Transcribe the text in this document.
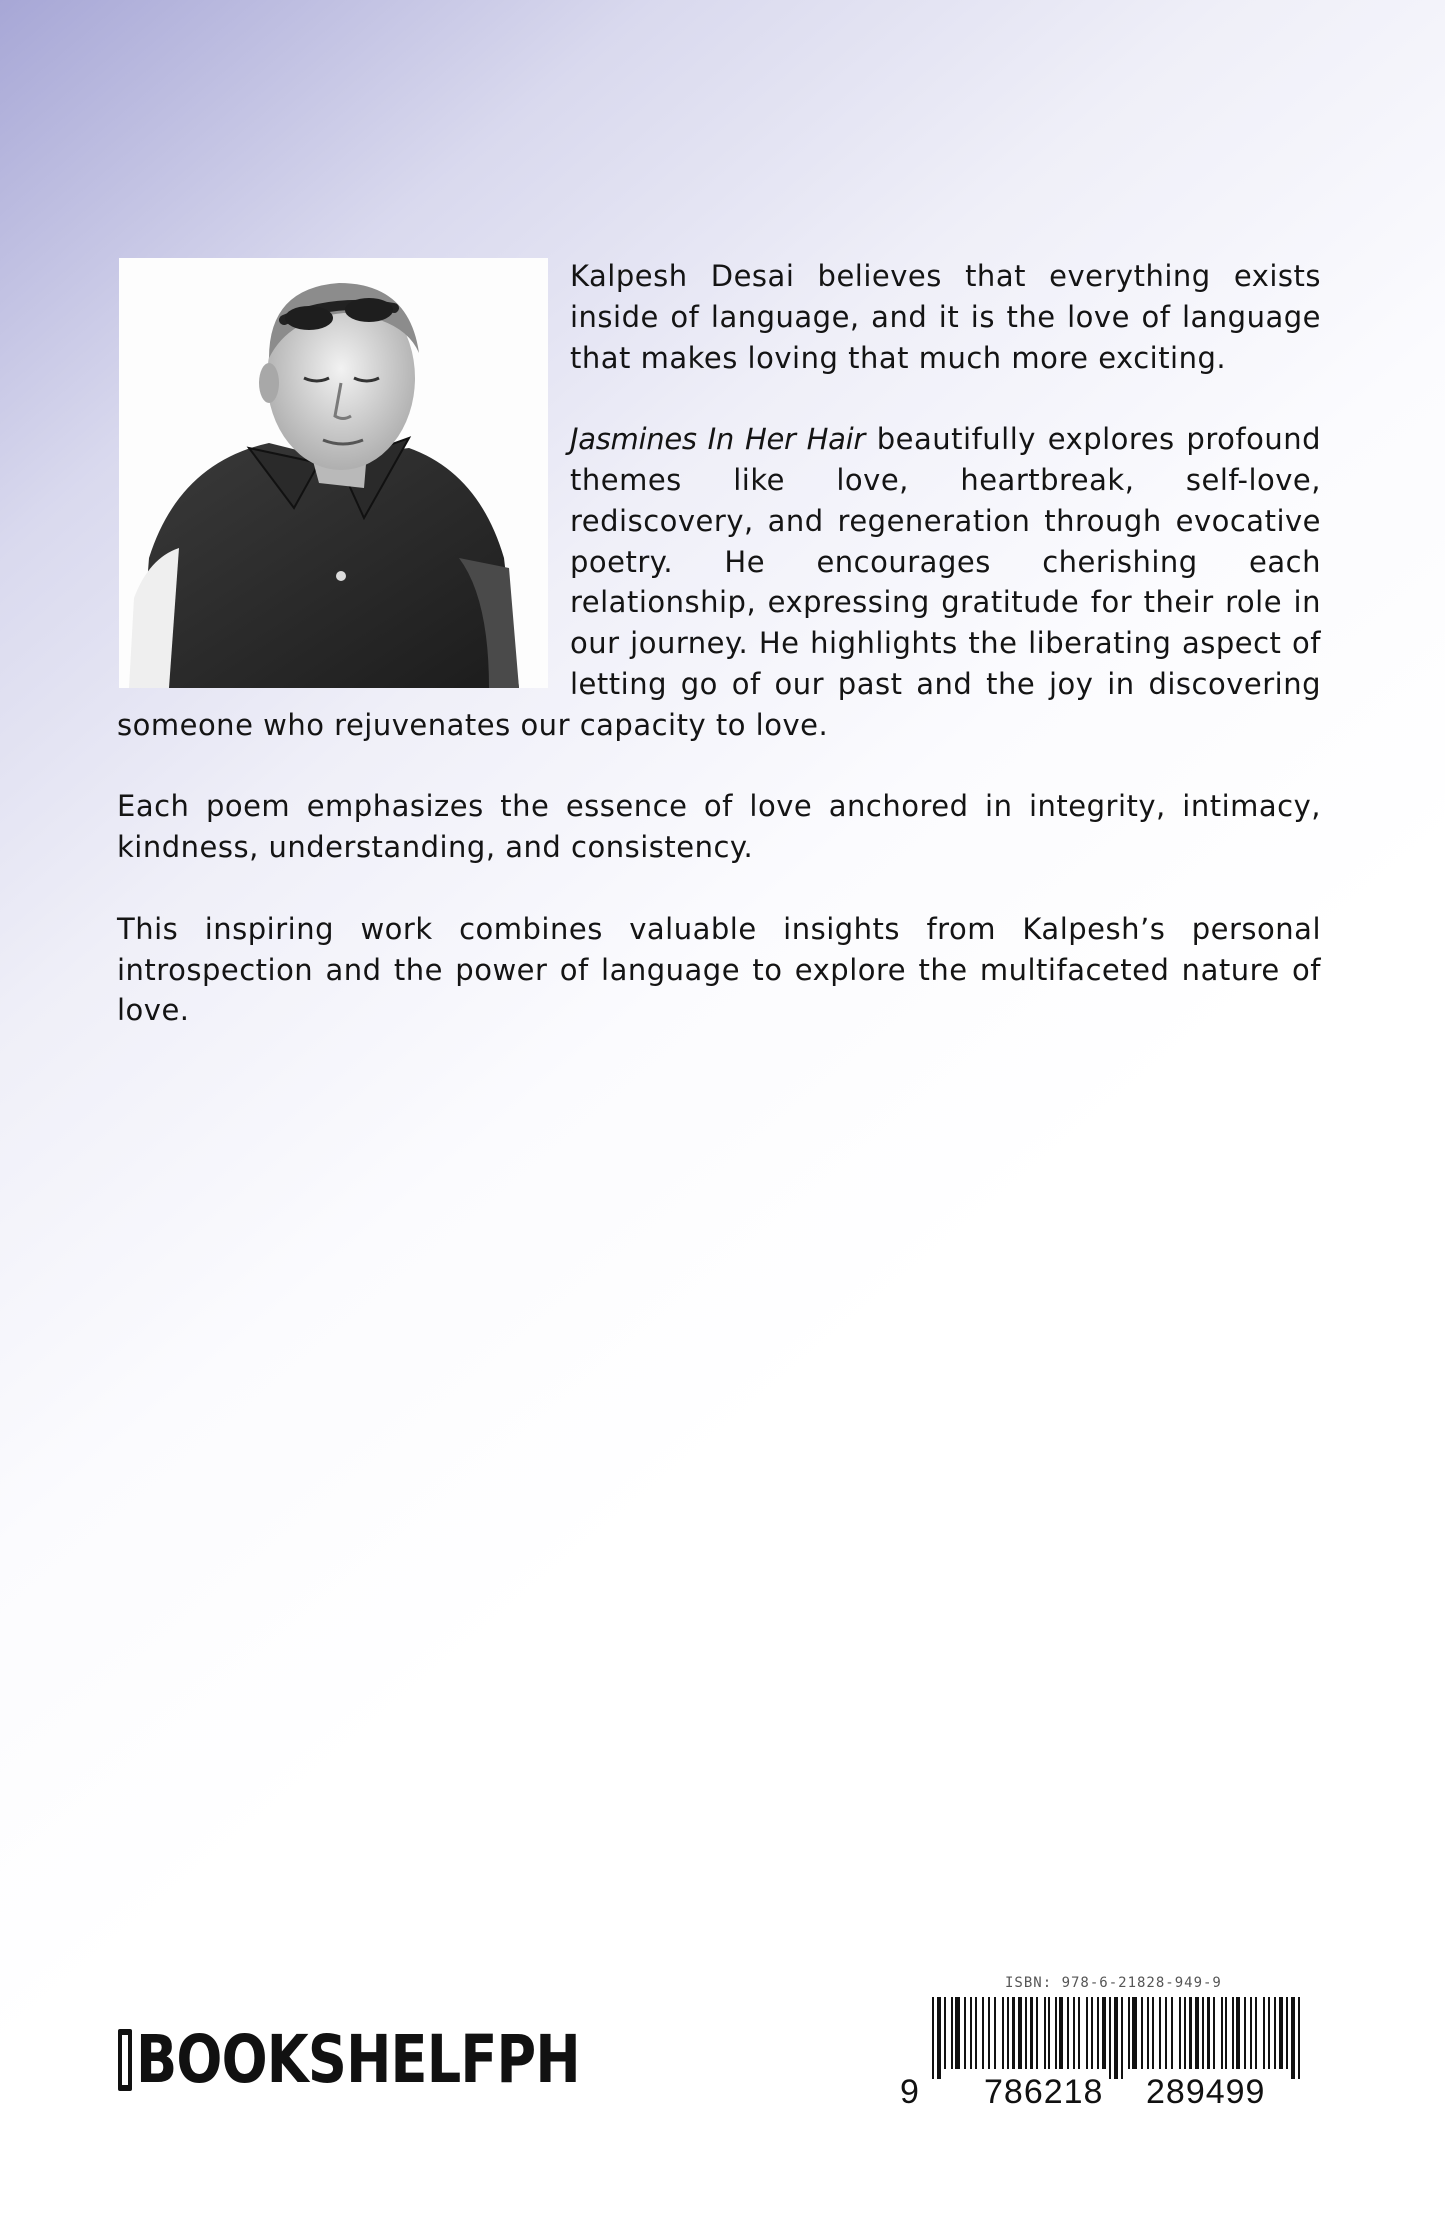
Kalpesh Desai believes that everything exists inside of language, and it is the love of language that makes loving that much more exciting.

Jasmines In Her Hair beautifully explores profound themes like love, heartbreak, self-love, rediscovery, and regeneration through evocative poetry. He encourages cherishing each relationship, expressing gratitude for their role in our journey. He highlights the liberating aspect of letting go of our past and the joy in discovering someone who rejuvenates our capacity to love.

Each poem emphasizes the essence of love anchored in integrity, intimacy, kindness, understanding, and consistency.

This inspiring work combines valuable insights from Kalpesh’s personal introspection and the power of language to explore the multifaceted nature of love.

BOOKSHELFPH
ISBN: 978-6-21828-949-9
9 786218 289499
